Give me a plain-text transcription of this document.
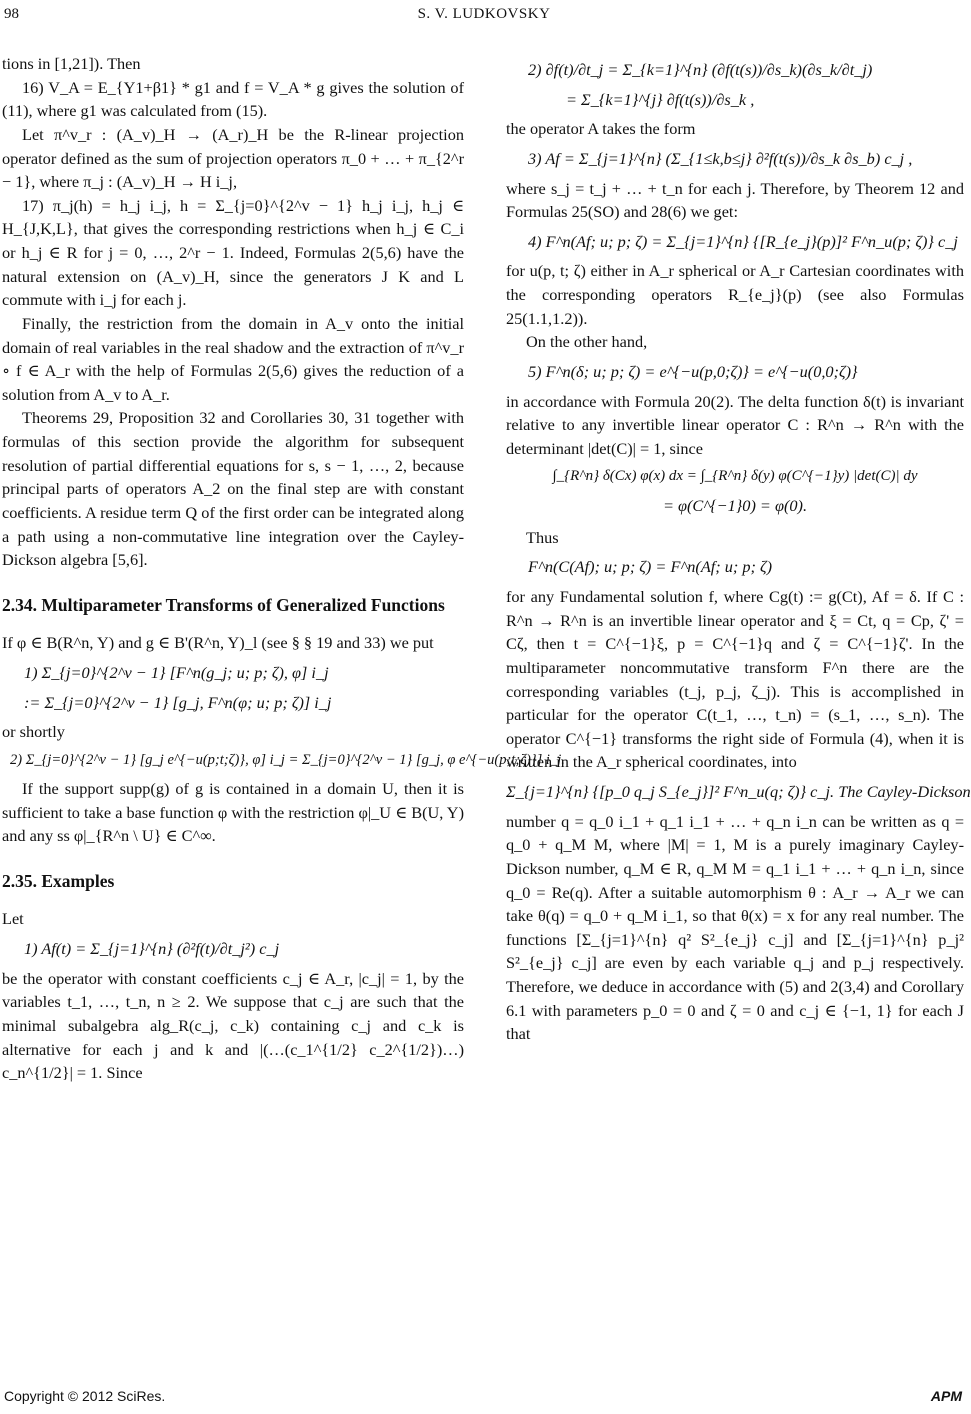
98	S. V. LUDKOVSKY

tions in [1,21]). Then

16) V_A = E_{Υ1+β1} * g1 and f = V_A * g gives the solution of (11), where g1 was calculated from (15).

Let π^v_r : (A_v)_H → (A_r)_H be the R-linear projection operator defined as the sum of projection operators π_0 + … + π_{2^r − 1}, where π_j : (A_v)_H → H i_j,

17) π_j(h) = h_j i_j, h = Σ_{j=0}^{2^v − 1} h_j i_j, h_j ∈ H_{J,K,L}, that gives the corresponding restrictions when h_j ∈ C_i or h_j ∈ R for j = 0, …, 2^r − 1. Indeed, Formulas 2(5,6) have the natural extension on (A_v)_H, since the generators J K and L commute with i_j for each j.

Finally, the restriction from the domain in A_v onto the initial domain of real variables in the real shadow and the extraction of π^v_r ∘ f ∈ A_r with the help of Formulas 2(5,6) gives the reduction of a solution from A_v to A_r.

Theorems 29, Proposition 32 and Corollaries 30, 31 together with formulas of this section provide the algorithm for subsequent resolution of partial differential equations for s, s − 1, …, 2, because principal parts of operators A_2 on the final step are with constant coefficients. A residue term Q of the first order can be integrated along a path using a non-commutative line integration over the Cayley-Dickson algebra [5,6].

2.34. Multiparameter Transforms of Generalized Functions

If φ ∈ B(R^n, Y) and g ∈ B'(R^n, Y)_l (see § § 19 and 33) we put

1) Σ_{j=0}^{2^v − 1} [F^n(g_j; u; p; ζ), φ] i_j
:= Σ_{j=0}^{2^v − 1} [g_j, F^n(φ; u; p; ζ)] i_j

or shortly

2) Σ_{j=0}^{2^v − 1} [g_j e^{−u(p;t;ζ)}, φ] i_j = Σ_{j=0}^{2^v − 1} [g_j, φ e^{−u(p;t;ζ)}] i_j.

If the support supp(g) of g is contained in a domain U, then it is sufficient to take a base function φ with the restriction φ|_U ∈ B(U, Y) and any ss φ|_{R^n \ U} ∈ C^∞.

2.35. Examples

Let

1) Af(t) = Σ_{j=1}^{n} (∂²f(t)/∂t_j²) c_j

be the operator with constant coefficients c_j ∈ A_r, |c_j| = 1, by the variables t_1, …, t_n, n ≥ 2. We suppose that c_j are such that the minimal subalgebra alg_R(c_j, c_k) containing c_j and c_k is alternative for each j and k and |(…(c_1^{1/2} c_2^{1/2})…) c_n^{1/2}| = 1. Since

2) ∂f(t)/∂t_j = Σ_{k=1}^{n} (∂f(t(s))/∂s_k)(∂s_k/∂t_j)
= Σ_{k=1}^{j} ∂f(t(s))/∂s_k ,

the operator A takes the form

3) Af = Σ_{j=1}^{n} (Σ_{1≤k,b≤j} ∂²f(t(s))/∂s_k ∂s_b) c_j ,

where s_j = t_j + … + t_n for each j. Therefore, by Theorem 12 and Formulas 25(SO) and 28(6) we get:

4) F^n(Af; u; p; ζ) = Σ_{j=1}^{n} {[R_{e_j}(p)]² F^n_u(p; ζ)} c_j

for u(p, t; ζ) either in A_r spherical or A_r Cartesian coordinates with the corresponding operators R_{e_j}(p) (see also Formulas 25(1.1,1.2)).

On the other hand,

5) F^n(δ; u; p; ζ) = e^{−u(p,0;ζ)} = e^{−u(0,0;ζ)}

in accordance with Formula 20(2). The delta function δ(t) is invariant relative to any invertible linear operator C : R^n → R^n with the determinant |det(C)| = 1, since

∫_{R^n} δ(Cx) φ(x) dx = ∫_{R^n} δ(y) φ(C^{−1}y) |det(C)| dy
= φ(C^{−1}0) = φ(0).

Thus

F^n(C(Af); u; p; ζ) = F^n(Af; u; p; ζ)

for any Fundamental solution f, where Cg(t) := g(Ct), Af = δ. If C : R^n → R^n is an invertible linear operator and ξ = Ct, q = Cp, ζ' = Cζ, then t = C^{−1}ξ, p = C^{−1}q and ζ = C^{−1}ζ'. In the multiparameter noncommutative transform F^n there are the corresponding variables (t_j, p_j, ζ_j). This is accomplished in particular for the operator C(t_1, …, t_n) = (s_1, …, s_n). The operator C^{−1} transforms the right side of Formula (4), when it is written in the A_r spherical coordinates, into

Σ_{j=1}^{n} {[p_0 q_j S_{e_j}]² F^n_u(q; ζ)} c_j. The Cayley-Dickson

number q = q_0 i_1 + q_1 i_1 + … + q_n i_n can be written as q = q_0 + q_M M, where |M| = 1, M is a purely imaginary Cayley-Dickson number, q_M ∈ R, q_M M = q_1 i_1 + … + q_n i_n, since q_0 = Re(q). After a suitable automorphism θ : A_r → A_r we can take θ(q) = q_0 + q_M i_1, so that θ(x) = x for any real number. The functions [Σ_{j=1}^{n} q² S²_{e_j} c_j] and [Σ_{j=1}^{n} p_j² S²_{e_j} c_j] are even by each variable q_j and p_j respectively. Therefore, we deduce in accordance with (5) and 2(3,4) and Corollary 6.1 with parameters p_0 = 0 and ζ = 0 and c_j ∈ {−1, 1} for each J that

Copyright © 2012 SciRes.	APM
